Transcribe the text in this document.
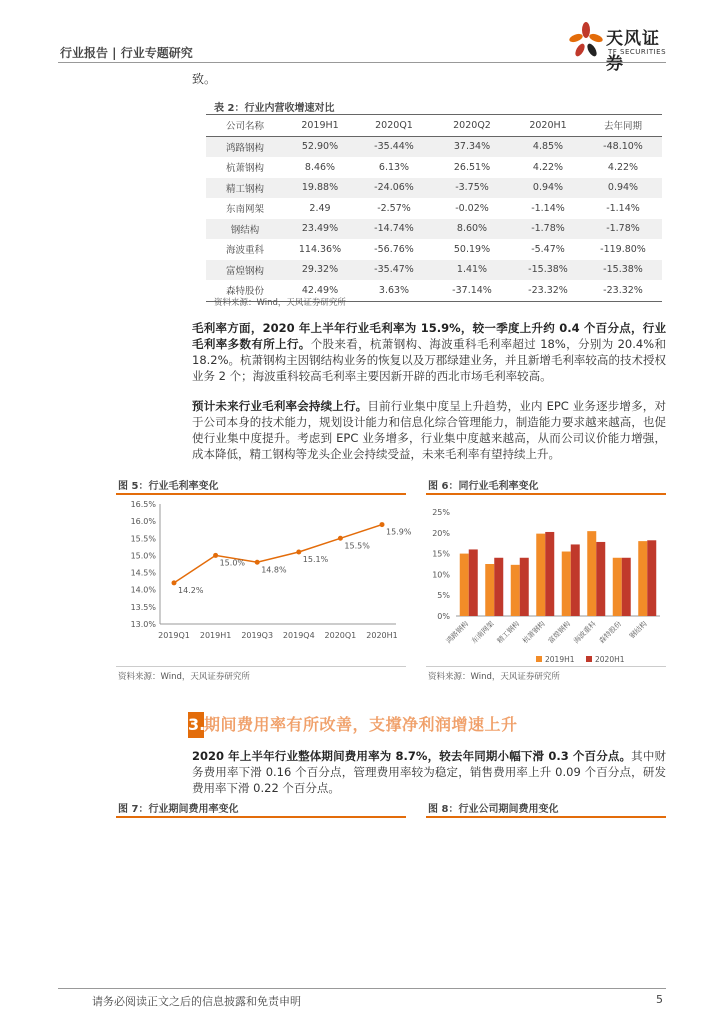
行业报告 | 行业专题研究
天风证券
TF SECURITIES
致。
表 2：行业内营收增速对比
公司名称	2019H1	2020Q1	2020Q2	2020H1	去年同期
鸿路钢构	52.90%	-35.44%	37.34%	4.85%	-48.10%
杭萧钢构	8.46%	6.13%	26.51%	4.22%	4.22%
精工钢构	19.88%	-24.06%	-3.75%	0.94%	0.94%
东南网架	2.49	-2.57%	-0.02%	-1.14%	-1.14%
钢结构	23.49%	-14.74%	8.60%	-1.78%	-1.78%
海波重科	114.36%	-56.76%	50.19%	-5.47%	-119.80%
富煌钢构	29.32%	-35.47%	1.41%	-15.38%	-15.38%
森特股份	42.49%	3.63%	-37.14%	-23.32%	-23.32%
资料来源：Wind，天风证券研究所
毛利率方面，2020 年上半年行业毛利率为 15.9%，较一季度上升约 0.4 个百分点，行业毛利率多数有所上行。个股来看，杭萧钢构、海波重科毛利率超过 18%，分别为 20.4%和 18.2%。杭萧钢构主因钢结构业务的恢复以及万郡绿建业务，并且新增毛利率较高的技术授权业务 2 个；海波重科较高毛利率主要因新开辟的西北市场毛利率较高。
预计未来行业毛利率会持续上行。目前行业集中度呈上升趋势，业内 EPC 业务逐步增多，对于公司本身的技术能力，规划设计能力和信息化综合管理能力，制造能力要求越来越高，也促使行业集中度提升。考虑到 EPC 业务增多，行业集中度越来越高，从而公司议价能力增强，成本降低，精工钢构等龙头企业会持续受益，未来毛利率有望持续上升。
图 5：行业毛利率变化
13.0%
13.5%
14.0%
14.5%
15.0%
15.5%
16.0%
16.5%
2019Q1 2019H1 2019Q3 2019Q4 2020Q1 2020H1
14.2%
15.0%
14.8%
15.1%
15.5%
15.9%
资料来源：Wind，天风证券研究所
图 6：同行业毛利率变化
0%
5%
10%
15%
20%
25%
鸿路钢构 东南网架 精工钢构 杭萧钢构 富煌钢构 海波重科 森特股份 钢结构
2019H1	2020H1
资料来源：Wind，天风证券研究所
3.
期间费用率有所改善，支撑净利润增速上升
2020 年上半年行业整体期间费用率为 8.7%，较去年同期小幅下滑 0.3 个百分点。其中财务费用率下滑 0.16 个百分点，管理费用率较为稳定，销售费用率上升 0.09 个百分点，研发费用率下滑 0.22 个百分点。
图 7：行业期间费用率变化	图 8：行业公司期间费用变化
请务必阅读正文之后的信息披露和免责申明	5
